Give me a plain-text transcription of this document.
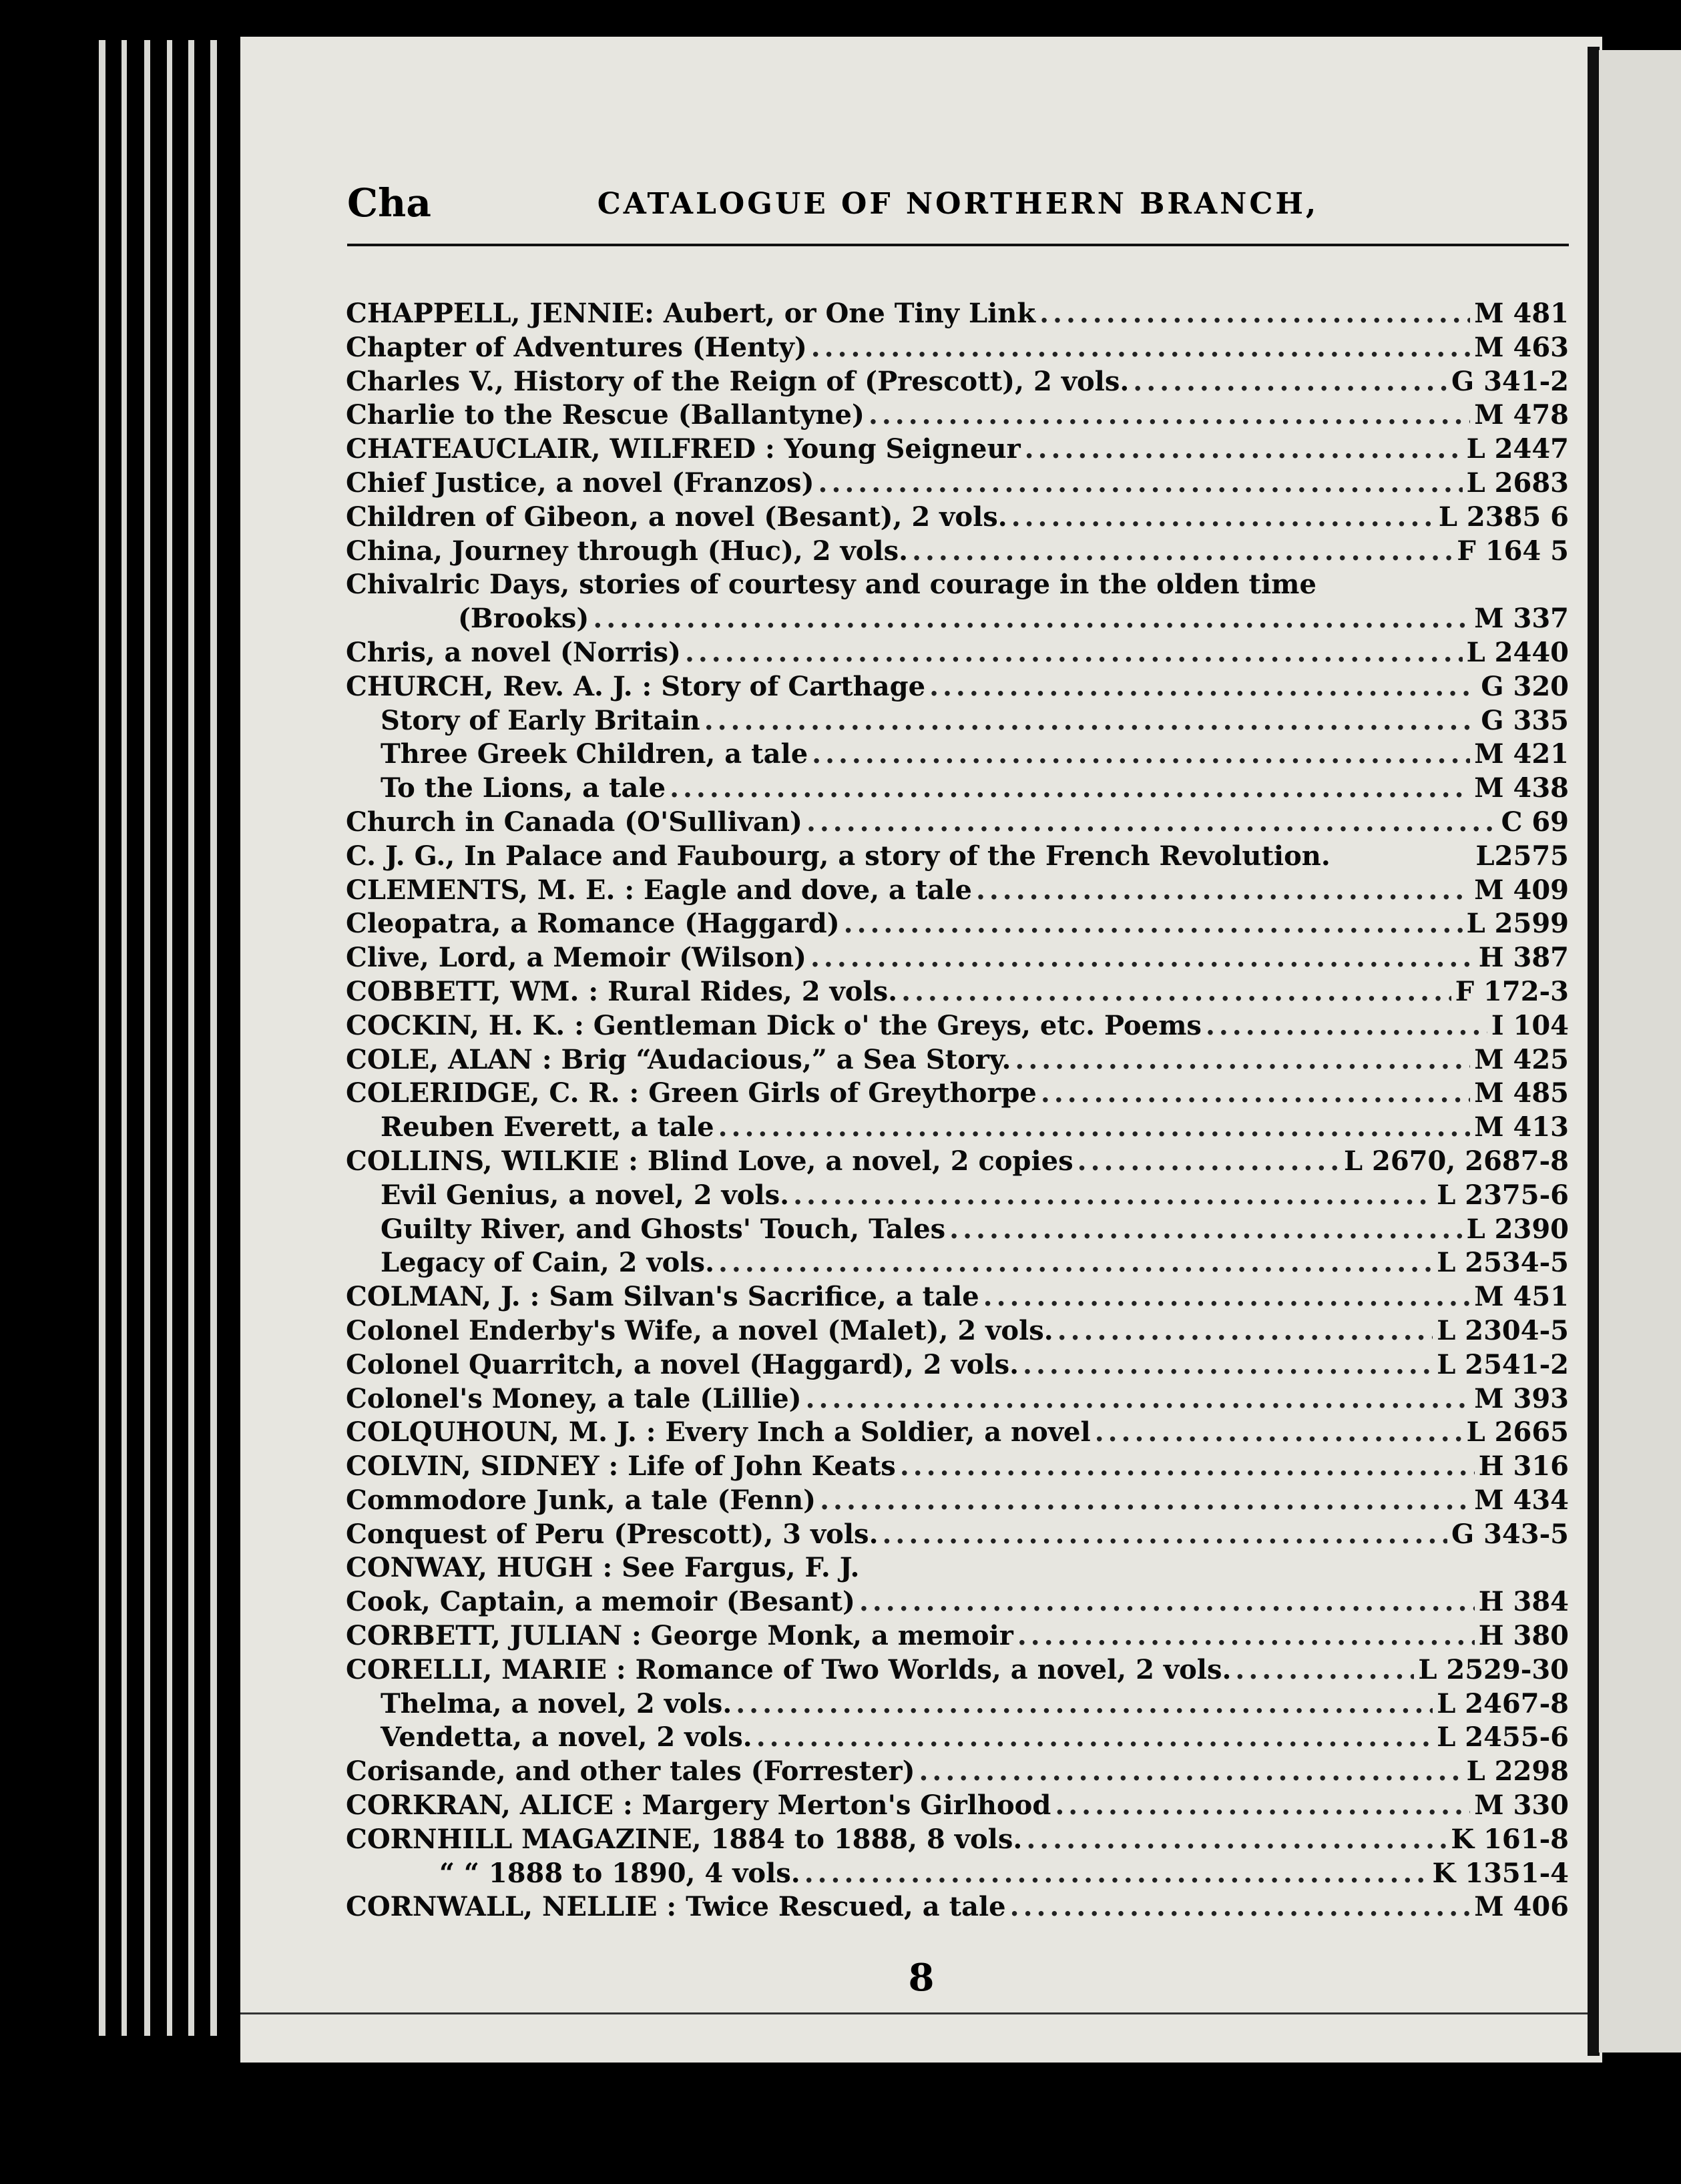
Cha	CATALOGUE OF NORTHERN BRANCH,
CHAPPELL, JENNIE: Aubert, or One Tiny Link .....	M 481
Chapter of Adventures (Henty) .....	M 463
Charles V., History of the Reign of (Prescott), 2 vols. .....	G 341-2
Charlie to the Rescue (Ballantyne) .....	M 478
CHATEAUCLAIR, WILFRED : Young Seigneur .....	L 2447
Chief Justice, a novel (Franzos) .....	L 2683
Children of Gibeon, a novel (Besant), 2 vols. .....	L 2385 6
China, Journey through (Huc), 2 vols. .....	F 164 5
Chivalric Days, stories of courtesy and courage in the olden time
(Brooks) .....	M 337
Chris, a novel (Norris) .....	L 2440
CHURCH, Rev. A. J. : Story of Carthage .....	G 320
Story of Early Britain .....	G 335
Three Greek Children, a tale .....	M 421
To the Lions, a tale .....	M 438
Church in Canada (O'Sullivan) .....	C 69
C. J. G., In Palace and Faubourg, a story of the French Revolution.	L2575
CLEMENTS, M. E. : Eagle and dove, a tale .....	M 409
Cleopatra, a Romance (Haggard) .....	L 2599
Clive, Lord, a Memoir (Wilson) .....	H 387
COBBETT, WM. : Rural Rides, 2 vols. .....	F 172-3
COCKIN, H. K. : Gentleman Dick o' the Greys, etc. Poems .....	I 104
COLE, ALAN : Brig “Audacious,” a Sea Story. .....	M 425
COLERIDGE, C. R. : Green Girls of Greythorpe .....	M 485
Reuben Everett, a tale .....	M 413
COLLINS, WILKIE : Blind Love, a novel, 2 copies .....	L 2670, 2687-8
Evil Genius, a novel, 2 vols. .....	L 2375-6
Guilty River, and Ghosts' Touch, Tales .....	L 2390
Legacy of Cain, 2 vols. .....	L 2534-5
COLMAN, J. : Sam Silvan's Sacrifice, a tale .....	M 451
Colonel Enderby's Wife, a novel (Malet), 2 vols. .....	L 2304-5
Colonel Quarritch, a novel (Haggard), 2 vols. .....	L 2541-2
Colonel's Money, a tale (Lillie) .....	M 393
COLQUHOUN, M. J. : Every Inch a Soldier, a novel .....	L 2665
COLVIN, SIDNEY : Life of John Keats .....	H 316
Commodore Junk, a tale (Fenn) .....	M 434
Conquest of Peru (Prescott), 3 vols. .....	G 343-5
CONWAY, HUGH : See Fargus, F. J.
Cook, Captain, a memoir (Besant) .....	H 384
CORBETT, JULIAN : George Monk, a memoir .....	H 380
CORELLI, MARIE : Romance of Two Worlds, a novel, 2 vols. .....	L 2529-30
Thelma, a novel, 2 vols. .....	L 2467-8
Vendetta, a novel, 2 vols. .....	L 2455-6
Corisande, and other tales (Forrester) .....	L 2298
CORKRAN, ALICE : Margery Merton's Girlhood .....	M 330
CORNHILL MAGAZINE, 1884 to 1888, 8 vols. .....	K 161-8
“ “ 1888 to 1890, 4 vols. .....	K 1351-4
CORNWALL, NELLIE : Twice Rescued, a tale .....	M 406
8
